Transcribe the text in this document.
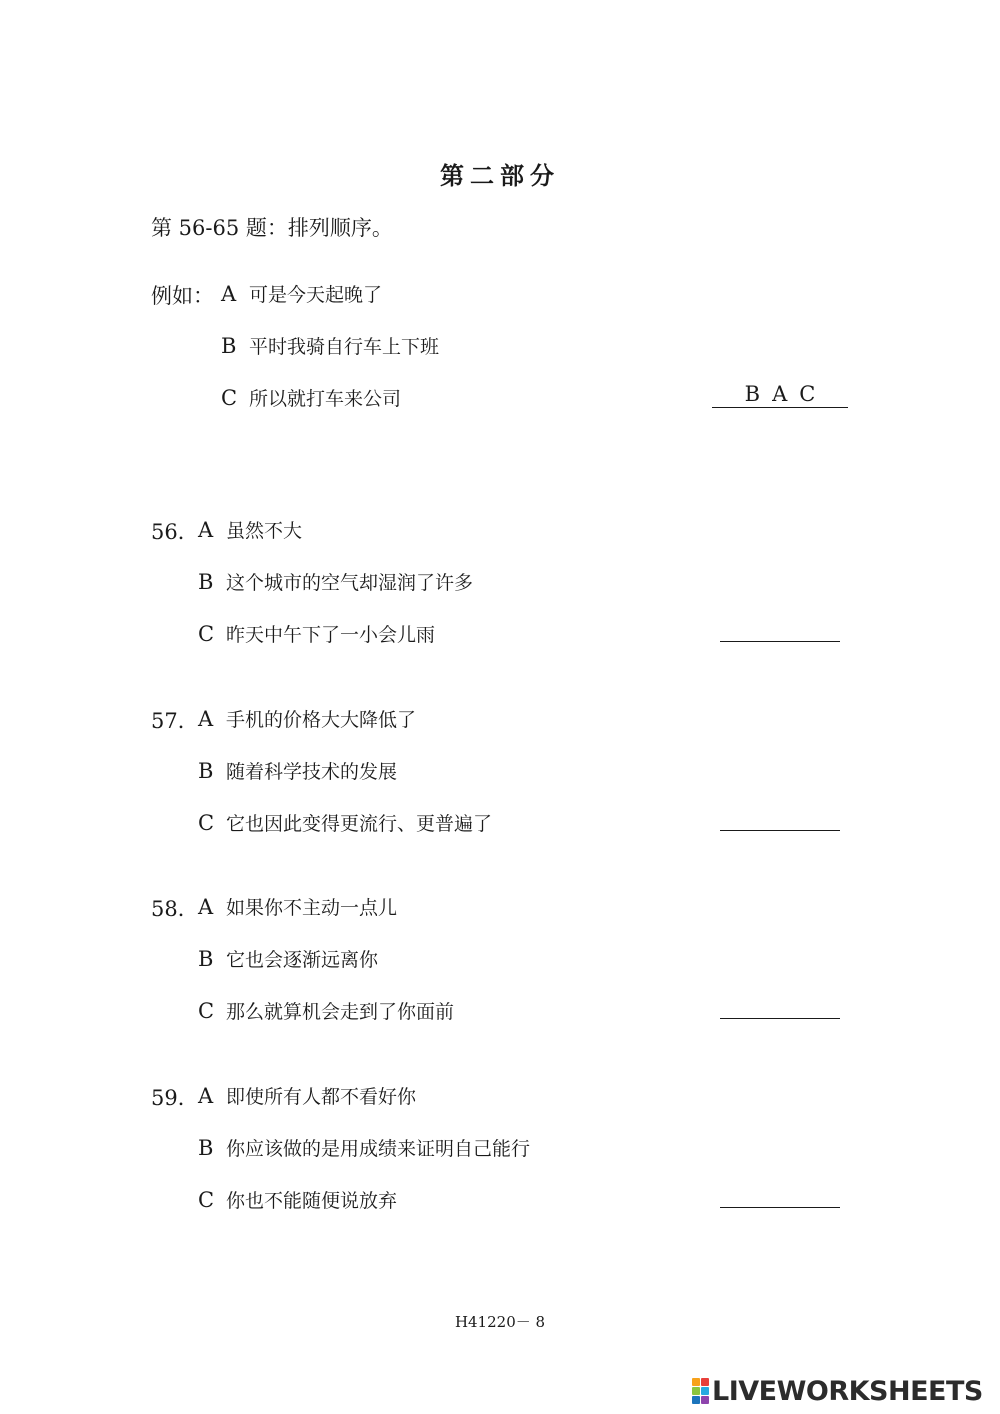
第二部分
第 56-65 题：排列顺序。
例如： A 可是今天起晚了
B 平时我骑自行车上下班
C 所以就打车来公司	B A C
56． A 虽然不大
B 这个城市的空气却湿润了许多
C 昨天中午下了一小会儿雨
57． A 手机的价格大大降低了
B 随着科学技术的发展
C 它也因此变得更流行、更普遍了
58． A 如果你不主动一点儿
B 它也会逐渐远离你
C 那么就算机会走到了你面前
59． A 即使所有人都不看好你
B 你应该做的是用成绩来证明自己能行
C 你也不能随便说放弃
H41220－ 8
LIVEWORKSHEETS
